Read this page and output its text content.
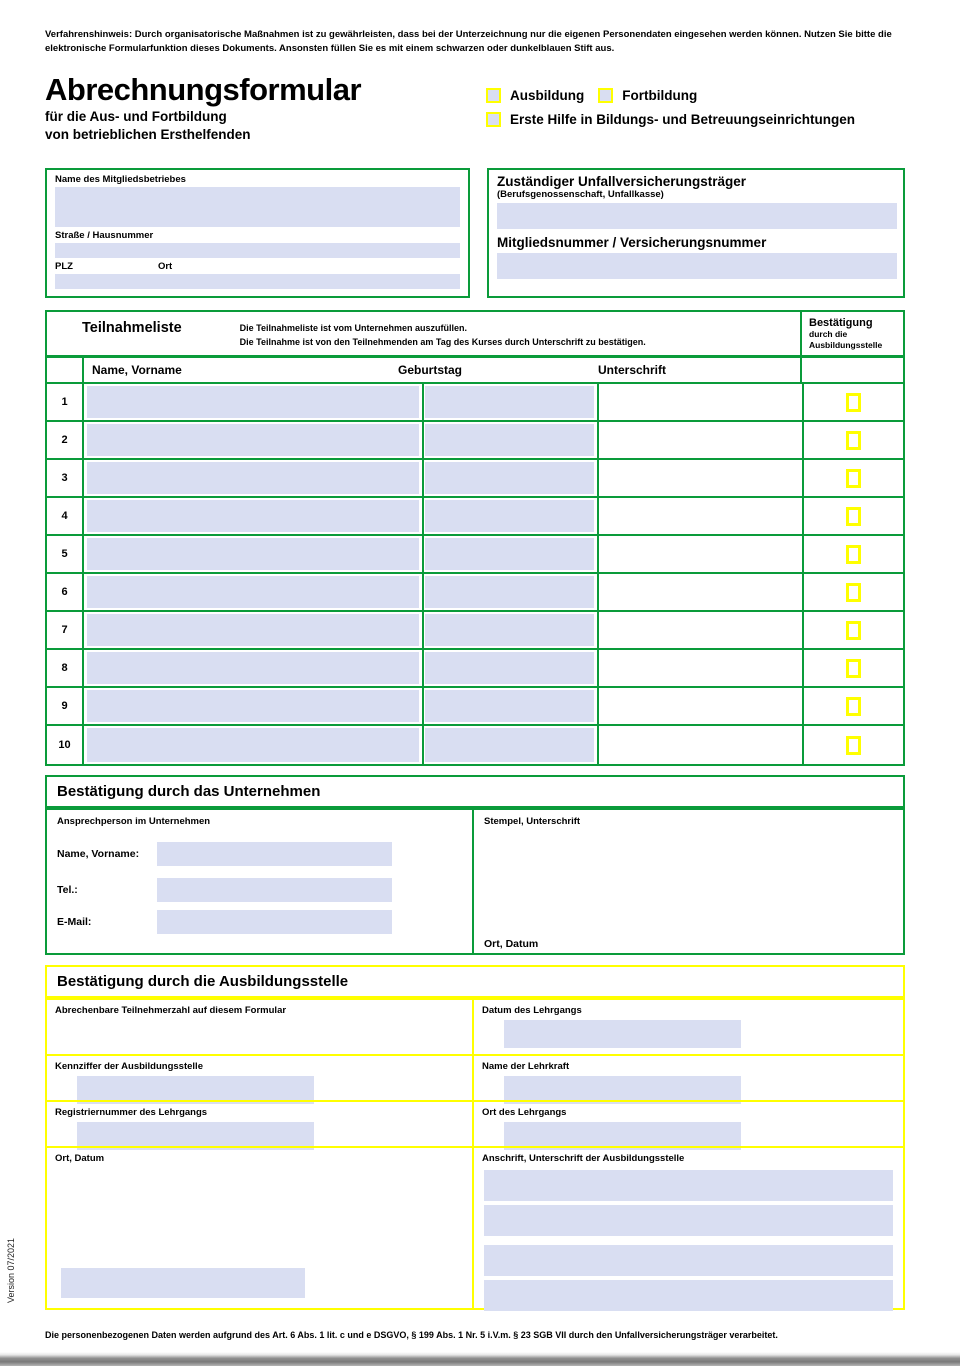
Verfahrenshinweis: Durch organisatorische Maßnahmen ist zu gewährleisten, dass bei der Unterzeichnung nur die eigenen Personendaten eingesehen werden können. Nutzen Sie bitte die elektronische Formularfunktion dieses Dokuments. Ansonsten füllen Sie es mit einem schwarzen oder dunkelblauen Stift aus.
Abrechnungsformular
für die Aus- und Fortbildung
von betrieblichen Ersthelfenden
Ausbildung	Fortbildung
Erste Hilfe in Bildungs- und Betreuungseinrichtungen
Name des Mitgliedsbetriebes
Straße / Hausnummer
PLZ	Ort
Zuständiger Unfallversicherungsträger
(Berufsgenossenschaft, Unfallkasse)
Mitgliedsnummer / Versicherungsnummer
Teilnahmeliste	Die Teilnahmeliste ist vom Unternehmen auszufüllen.
Die Teilnahme ist von den Teilnehmenden am Tag des Kurses durch Unterschrift zu bestätigen.
Bestätigung
durch die
Ausbildungsstelle
Name, Vorname	Geburtstag	Unterschrift
1
2
3
4
5
6
7
8
9
10
Bestätigung durch das Unternehmen
Ansprechperson im Unternehmen
Name, Vorname:
Tel.:
E-Mail:
Stempel, Unterschrift
Ort, Datum
Bestätigung durch die Ausbildungsstelle
Abrechenbare Teilnehmerzahl auf diesem Formular	Datum des Lehrgangs
Kennziffer der Ausbildungsstelle	Name der Lehrkraft
Registriernummer des Lehrgangs	Ort des Lehrgangs
Ort, Datum	Anschrift, Unterschrift der Ausbildungsstelle
Die personenbezogenen Daten werden aufgrund des Art. 6 Abs. 1 lit. c und e DSGVO, § 199 Abs. 1 Nr. 5 i.V.m. § 23 SGB VII durch den Unfallversicherungsträger verarbeitet.
Version 07/2021
